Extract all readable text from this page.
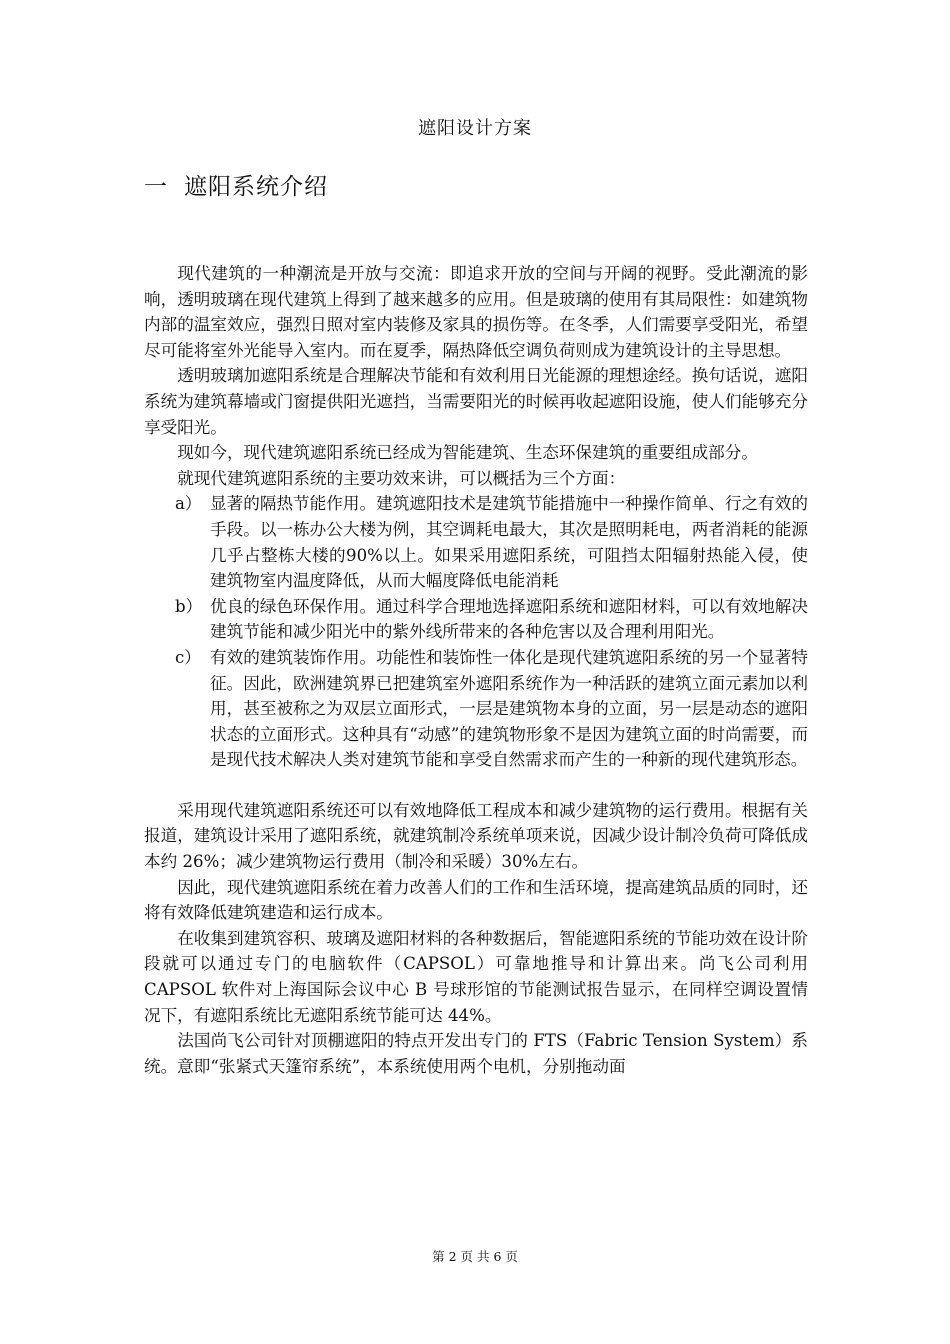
遮阳设计方案
一 遮阳系统介绍

现代建筑的一种潮流是开放与交流：即追求开放的空间与开阔的视野。受此潮流的影响，透明玻璃在现代建筑上得到了越来越多的应用。但是玻璃的使用有其局限性：如建筑物内部的温室效应，强烈日照对室内装修及家具的损伤等。在冬季，人们需要享受阳光，希望尽可能将室外光能导入室内。而在夏季，隔热降低空调负荷则成为建筑设计的主导思想。

透明玻璃加遮阳系统是合理解决节能和有效利用日光能源的理想途经。换句话说，遮阳系统为建筑幕墙或门窗提供阳光遮挡，当需要阳光的时候再收起遮阳设施，使人们能够充分享受阳光。

现如今，现代建筑遮阳系统已经成为智能建筑、生态环保建筑的重要组成部分。

就现代建筑遮阳系统的主要功效来讲，可以概括为三个方面：

a） 显著的隔热节能作用。建筑遮阳技术是建筑节能措施中一种操作简单、行之有效的手段。以一栋办公大楼为例，其空调耗电最大，其次是照明耗电，两者消耗的能源几乎占整栋大楼的90%以上。如果采用遮阳系统，可阻挡太阳辐射热能入侵，使建筑物室内温度降低，从而大幅度降低电能消耗
b） 优良的绿色环保作用。通过科学合理地选择遮阳系统和遮阳材料，可以有效地解决建筑节能和减少阳光中的紫外线所带来的各种危害以及合理利用阳光。
c） 有效的建筑装饰作用。功能性和装饰性一体化是现代建筑遮阳系统的另一个显著特征。因此，欧洲建筑界已把建筑室外遮阳系统作为一种活跃的建筑立面元素加以利用，甚至被称之为双层立面形式，一层是建筑物本身的立面，另一层是动态的遮阳状态的立面形式。这种具有“动感”的建筑物形象不是因为建筑立面的时尚需要，而是现代技术解决人类对建筑节能和享受自然需求而产生的一种新的现代建筑形态。

采用现代建筑遮阳系统还可以有效地降低工程成本和减少建筑物的运行费用。根据有关报道，建筑设计采用了遮阳系统，就建筑制冷系统单项来说，因减少设计制冷负荷可降低成本约 26%；减少建筑物运行费用（制冷和采暖）30%左右。

因此，现代建筑遮阳系统在着力改善人们的工作和生活环境，提高建筑品质的同时，还将有效降低建筑建造和运行成本。

在收集到建筑容积、玻璃及遮阳材料的各种数据后，智能遮阳系统的节能功效在设计阶段就可以通过专门的电脑软件（CAPSOL）可靠地推导和计算出来。尚飞公司利用 CAPSOL 软件对上海国际会议中心 B 号球形馆的节能测试报告显示，在同样空调设置情况下，有遮阳系统比无遮阳系统节能可达 44%。

法国尚飞公司针对顶棚遮阳的特点开发出专门的 FTS（Fabric Tension System）系统。意即“张紧式天篷帘系统”，本系统使用两个电机，分别拖动面

第 2 页 共 6 页
